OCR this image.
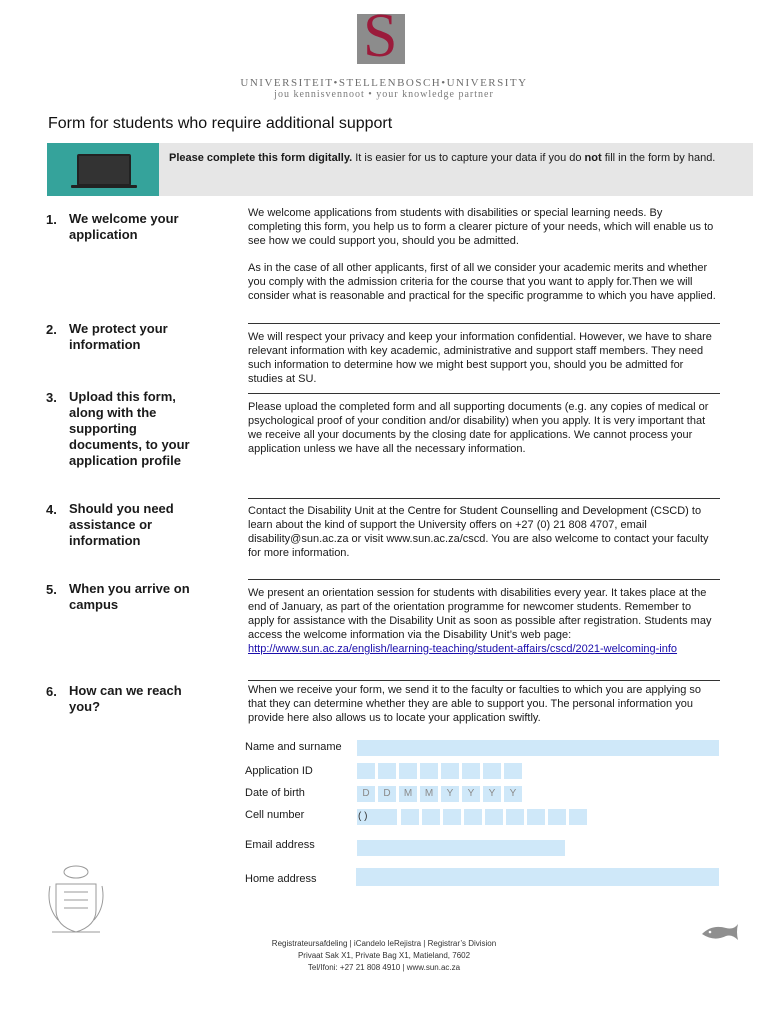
S
UNIVERSITEIT•STELLENBOSCH•UNIVERSITY
jou kennisvennoot • your knowledge partner
Form for students who require additional support
Please complete this form digitally. It is easier for us to capture your data if you do not fill in the form by hand.
1. We welcome your application
We welcome applications from students with disabilities or special learning needs. By completing this form, you help us to form a clearer picture of your needs, which will enable us to see how we could support you, should you be admitted.
As in the case of all other applicants, first of all we consider your academic merits and whether you comply with the admission criteria for the course that you want to apply for.Then we will consider what is reasonable and practical for the specific programme to which you have applied.
2. We protect your information	We will respect your privacy and keep your information confidential. However, we have to share relevant information with key academic, administrative and support staff members. They need such information to determine how we might best support you, should you be admitted for studies at SU.
3. Upload this form, along with the supporting documents, to your application profile
Please upload the completed form and all supporting documents (e.g. any copies of medical or psychological proof of your condition and/or disability) when you apply. It is very important that we receive all your documents by the closing date for applications. We cannot process your application unless we have all the necessary information.
4. Should you need assistance or information
Contact the Disability Unit at the Centre for Student Counselling and Development (CSCD) to learn about the kind of support the University offers on +27 (0) 21 808 4707, email disability@sun.ac.za or visit www.sun.ac.za/cscd. You are also welcome to contact your faculty for more information.
5. When you arrive on campus
We present an orientation session for students with disabilities every year. It takes place at the end of January, as part of the orientation programme for newcomer students. Remember to apply for assistance with the Disability Unit as soon as possible after registration. Students may access the welcome information via the Disability Unit’s web page: http://www.sun.ac.za/english/learning-teaching/student-affairs/cscd/2021-welcoming-info
6. How can we reach you?
When we receive your form, we send it to the faculty or faculties to which you are applying so that they can determine whether they are able to support you. The personal information you provide here also allows us to locate your application swiftly.
Name and surname
Application ID
Date of birth	D	D	M	M	Y	Y	Y	Y
Cell number	( )
Email address
Home address
Registrateursafdeling | iCandelo leRejistra | Registrar’s Division
Privaat Sak X1, Private Bag X1, Matieland, 7602
Tel/Ifoni: +27 21 808 4910 | www.sun.ac.za
